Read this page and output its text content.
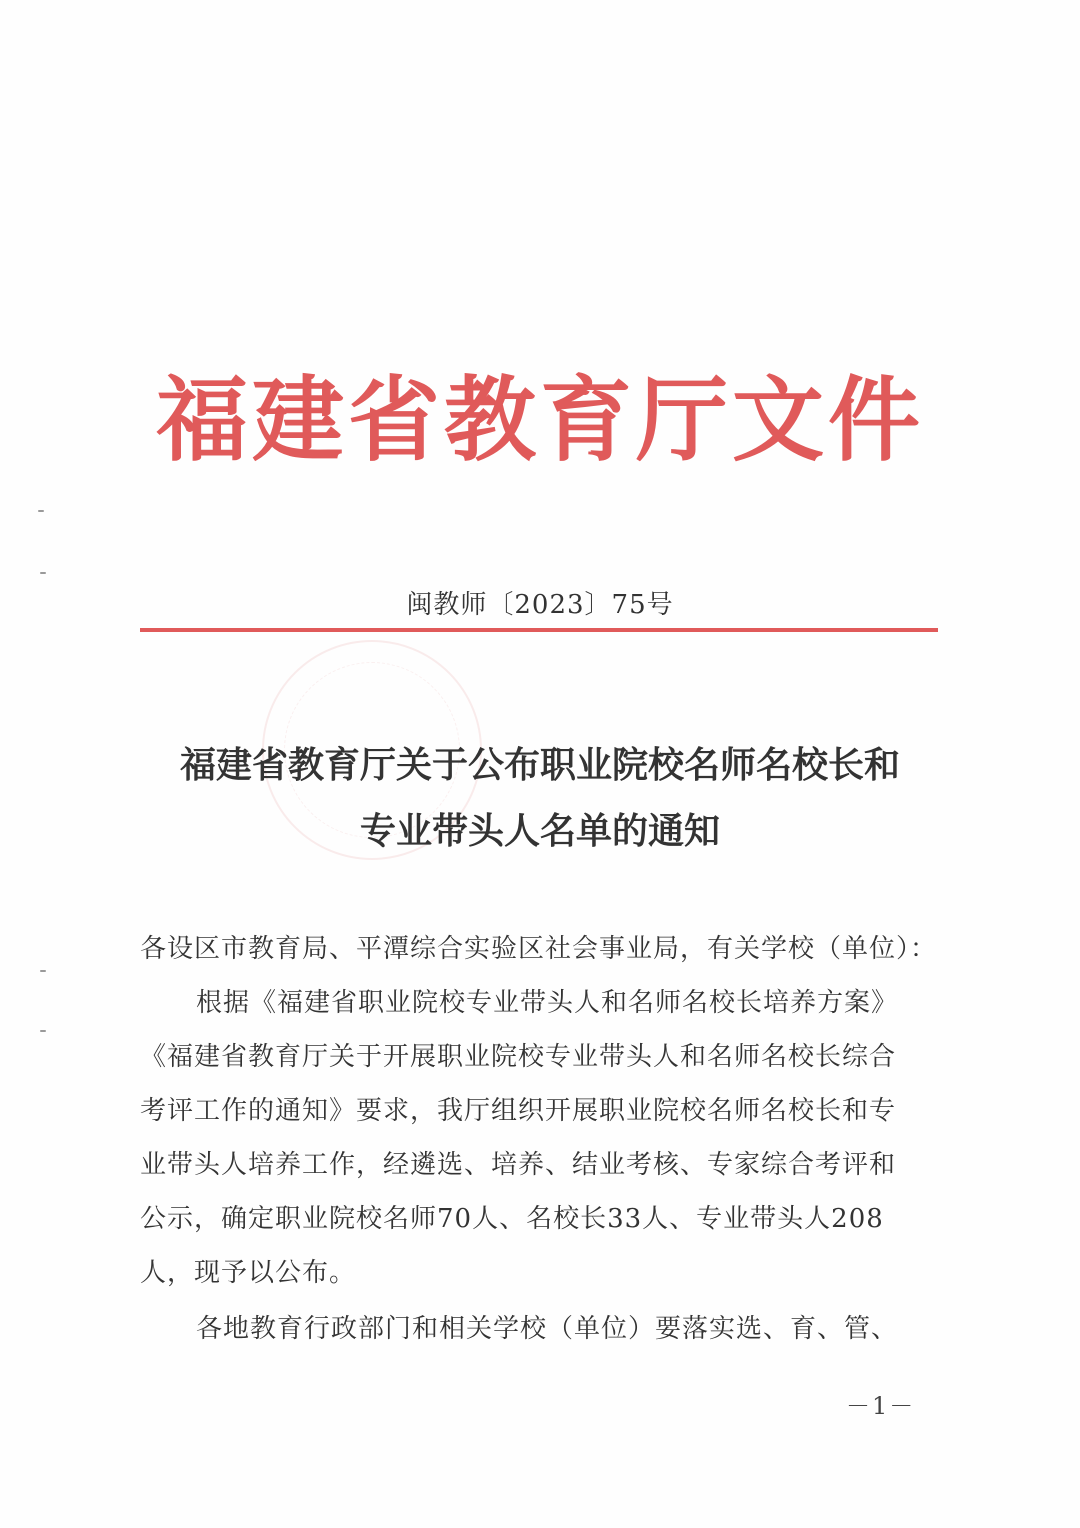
福建省教育厅文件
闽教师〔2023〕75号
福建省教育厅关于公布职业院校名师名校长和
专业带头人名单的通知
各设区市教育局、平潭综合实验区社会事业局，有关学校（单位）：
根据《福建省职业院校专业带头人和名师名校长培养方案》
《福建省教育厅关于开展职业院校专业带头人和名师名校长综合
考评工作的通知》要求，我厅组织开展职业院校名师名校长和专
业带头人培养工作，经遴选、培养、结业考核、专家综合考评和
公示，确定职业院校名师70人、名校长33人、专业带头人208
人，现予以公布。
各地教育行政部门和相关学校（单位）要落实选、育、管、
－1－
